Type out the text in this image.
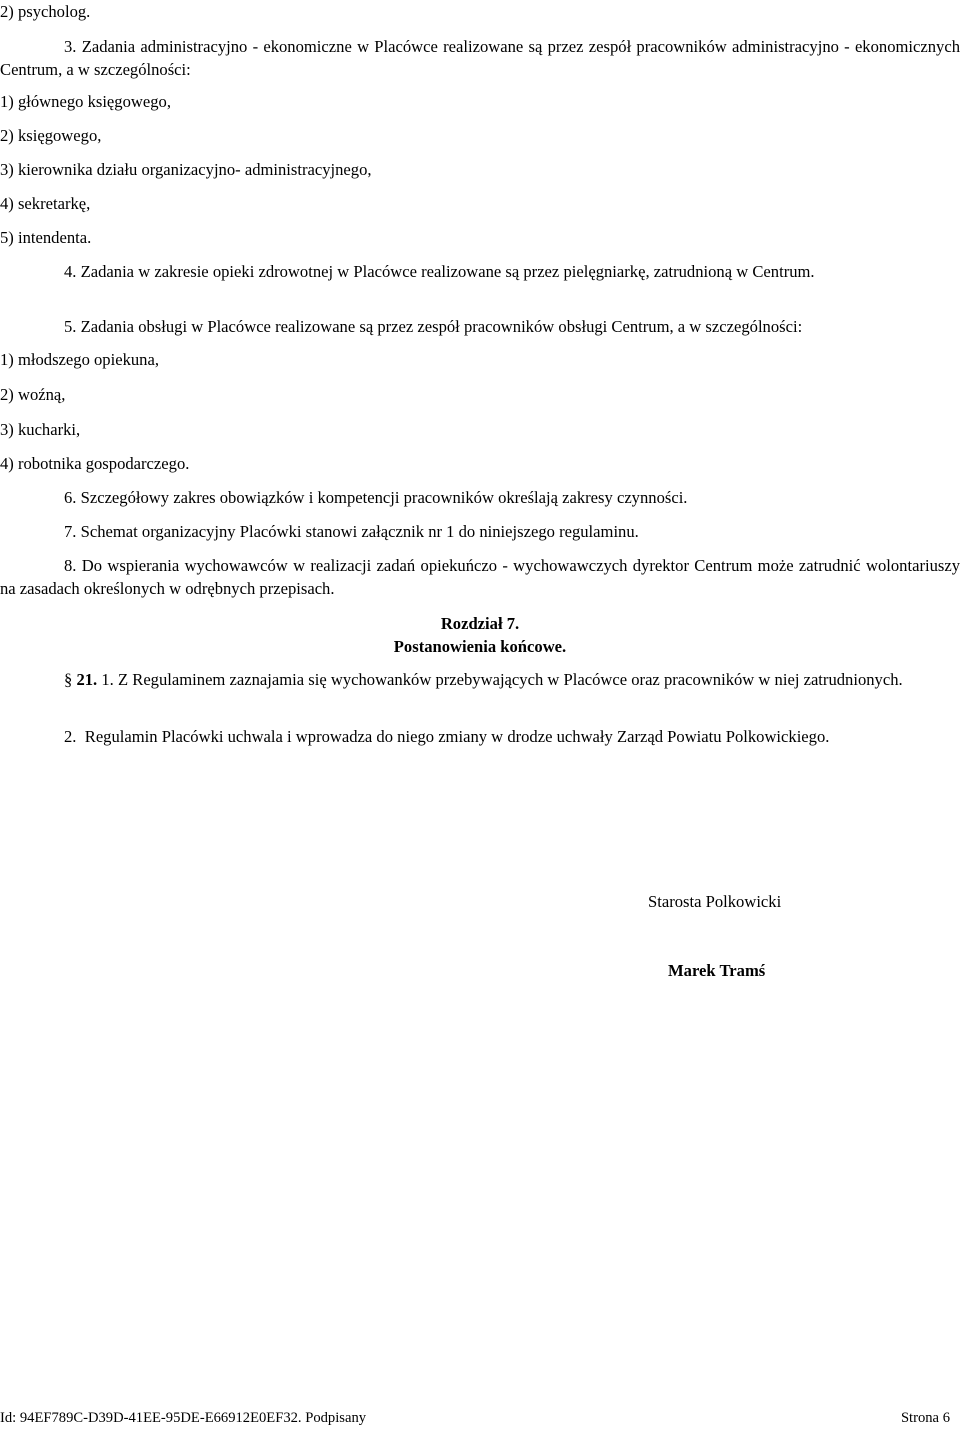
2) psycholog.
3. Zadania administracyjno - ekonomiczne w Placówce realizowane są przez zespół pracowników administracyjno - ekonomicznych Centrum, a w szczególności:
1) głównego księgowego,
2) księgowego,
3) kierownika działu organizacyjno- administracyjnego,
4) sekretarkę,
5) intendenta.
4. Zadania w zakresie opieki zdrowotnej w Placówce realizowane są przez pielęgniarkę, zatrudnioną w Centrum.
5. Zadania obsługi w Placówce realizowane są przez zespół pracowników obsługi Centrum, a w szczególności:
1) młodszego opiekuna,
2) woźną,
3) kucharki,
4) robotnika gospodarczego.
6. Szczegółowy zakres obowiązków i kompetencji pracowników określają zakresy czynności.
7. Schemat organizacyjny Placówki stanowi załącznik nr 1 do niniejszego regulaminu.
8. Do wspierania wychowawców w realizacji zadań opiekuńczo - wychowawczych dyrektor Centrum może zatrudnić wolontariuszy na zasadach określonych w odrębnych przepisach.
Rozdział 7.
Postanowienia końcowe.
§ 21. 1. Z Regulaminem zaznajamia się wychowanków przebywających w Placówce oraz pracowników w niej zatrudnionych.
2. Regulamin Placówki uchwala i wprowadza do niego zmiany w drodze uchwały Zarząd Powiatu Polkowickiego.
Starosta Polkowicki
Marek Tramś
Id: 94EF789C-D39D-41EE-95DE-E66912E0EF32. Podpisany	Strona 6
